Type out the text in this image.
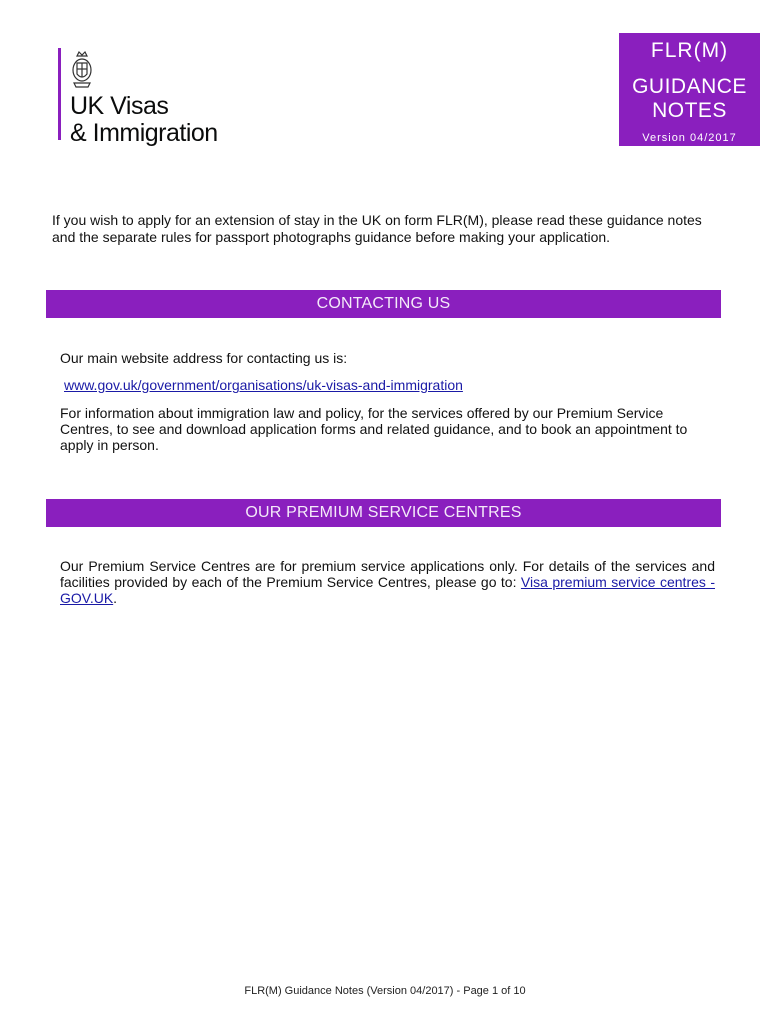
UK Visas
& Immigration
FLR(M)
GUIDANCE
NOTES
Version 04/2017

If you wish to apply for an extension of stay in the UK on form FLR(M), please read these guidance notes and the separate rules for passport photographs guidance before making your application.

CONTACTING US

Our main website address for contacting us is:

www.gov.uk/government/organisations/uk-visas-and-immigration

For information about immigration law and policy, for the services offered by our Premium Service Centres, to see and download application forms and related guidance, and to book an appointment to apply in person.

OUR PREMIUM SERVICE CENTRES

Our Premium Service Centres are for premium service applications only. For details of the services and facilities provided by each of the Premium Service Centres, please go to: Visa premium service centres - GOV.UK.

FLR(M) Guidance Notes (Version 04/2017) - Page 1 of 10
